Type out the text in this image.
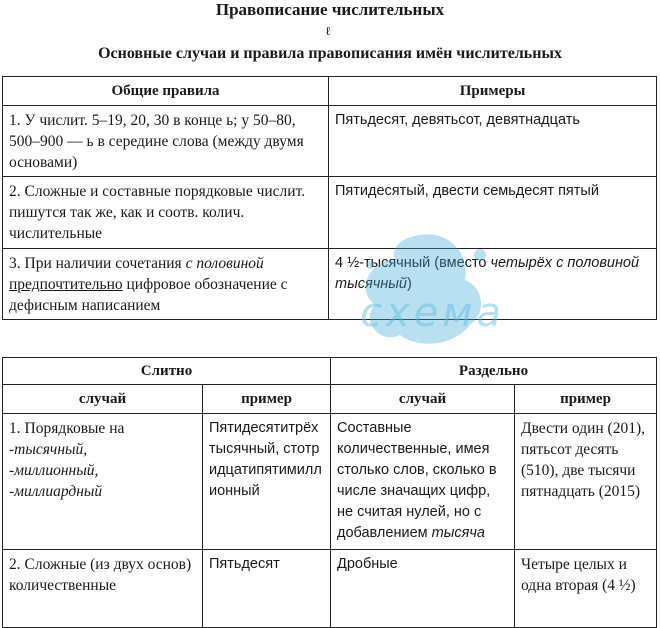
Правописание числительных
ℓ
Основные случаи и правила правописания имён числительных
Общие правила	Примеры
1. У числит. 5–19, 20, 30 в конце ь; у 50–80, 500–900 — ь в середине слова (между двумя основами)	Пятьдесят, девятьсот, девятнадцать
2. Сложные и составные порядковые числит. пишутся так же, как и соотв. колич. числительные	Пятидесятый, двести семьдесят пятый
3. При наличии сочетания с половиной предпочтительно цифровое обозначение с дефисным написанием	4 ½-тысячный (вместо четырёх с половиной тысячный)
Слитно		Раздельно	
случай	пример	случай	пример

1. Порядковые на
-тысячный,
-миллионный,
-миллиардный	Пятидесятитрёхтысячный, стотридцатипятимиллионный	Составные количественные, имея столько слов, сколько в числе значащих цифр, не считая нулей, но с добавлением тысяча	Двести один (201), пятьсот десять (510), две тысячи пятнадцать (2015)
2. Сложные (из двух основ) количественные	Пятьдесят	Дробные	Четыре целых и одна вторая (4 ½)
схема
